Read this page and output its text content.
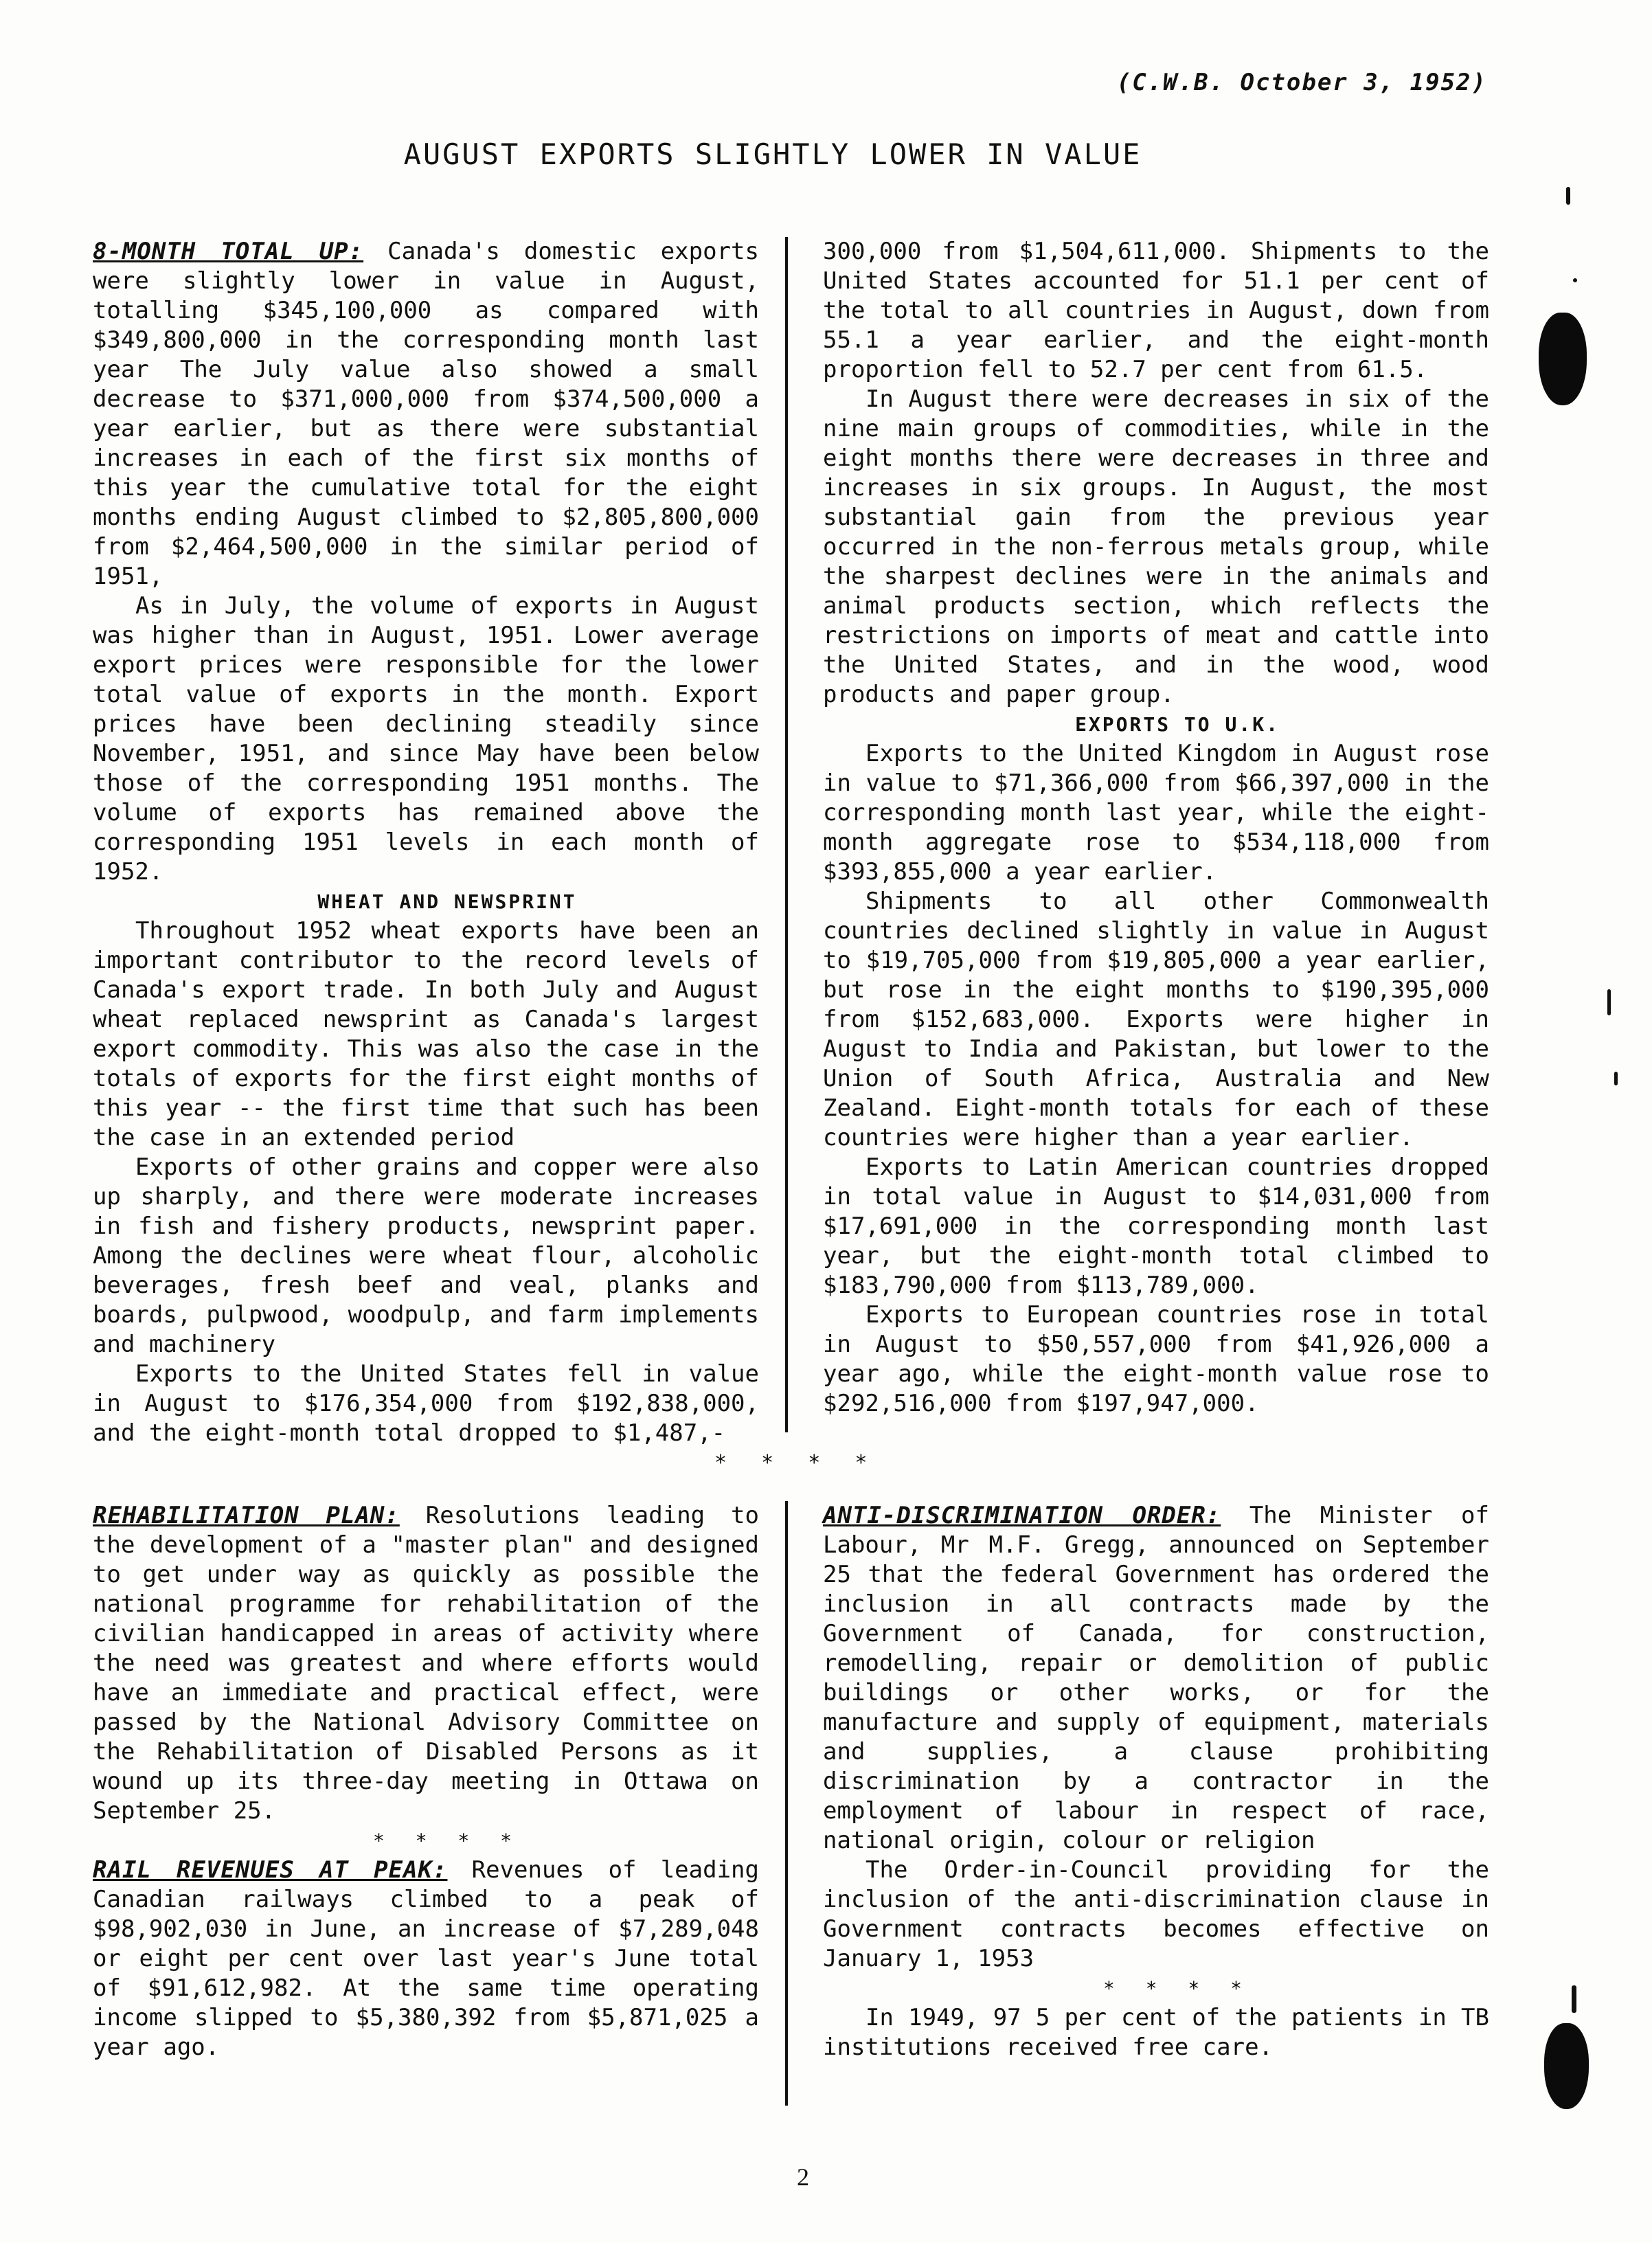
(C.W.B. October 3, 1952)
AUGUST EXPORTS SLIGHTLY LOWER IN VALUE

8-MONTH TOTAL UP: Canada's domestic exports were slightly lower in value in August, totalling $345,100,000 as compared with $349,800,000 in the corresponding month last year The July value also showed a small decrease to $371,000,000 from $374,500,000 a year earlier, but as there were substantial increases in each of the first six months of this year the cumulative total for the eight months ending August climbed to $2,805,800,000 from $2,464,500,000 in the similar period of 1951,

As in July, the volume of exports in August was higher than in August, 1951. Lower average export prices were responsible for the lower total value of exports in the month. Export prices have been declining steadily since November, 1951, and since May have been below those of the corresponding 1951 months. The volume of exports has remained above the corresponding 1951 levels in each month of 1952.

WHEAT AND NEWSPRINT

Throughout 1952 wheat exports have been an important contributor to the record levels of Canada's export trade. In both July and August wheat replaced newsprint as Canada's largest export commodity. This was also the case in the totals of exports for the first eight months of this year -- the first time that such has been the case in an extended period

Exports of other grains and copper were also up sharply, and there were moderate increases in fish and fishery products, newsprint paper. Among the declines were wheat flour, alcoholic beverages, fresh beef and veal, planks and boards, pulpwood, woodpulp, and farm implements and machinery

Exports to the United States fell in value in August to $176,354,000 from $192,838,000, and the eight-month total dropped to $1,487,-

300,000 from $1,504,611,000. Shipments to the United States accounted for 51.1 per cent of the total to all countries in August, down from 55.1 a year earlier, and the eight-month proportion fell to 52.7 per cent from 61.5.

In August there were decreases in six of the nine main groups of commodities, while in the eight months there were decreases in three and increases in six groups. In August, the most substantial gain from the previous year occurred in the non-ferrous metals group, while the sharpest declines were in the animals and animal products section, which reflects the restrictions on imports of meat and cattle into the United States, and in the wood, wood products and paper group.

EXPORTS TO U.K.

Exports to the United Kingdom in August rose in value to $71,366,000 from $66,397,000 in the corresponding month last year, while the eight-month aggregate rose to $534,118,000 from $393,855,000 a year earlier.

Shipments to all other Commonwealth countries declined slightly in value in August to $19,705,000 from $19,805,000 a year earlier, but rose in the eight months to $190,395,000 from $152,683,000. Exports were higher in August to India and Pakistan, but lower to the Union of South Africa, Australia and New Zealand. Eight-month totals for each of these countries were higher than a year earlier.

Exports to Latin American countries dropped in total value in August to $14,031,000 from $17,691,000 in the corresponding month last year, but the eight-month total climbed to $183,790,000 from $113,789,000.

Exports to European countries rose in total in August to $50,557,000 from $41,926,000 a year ago, while the eight-month value rose to $292,516,000 from $197,947,000.

* * * *

REHABILITATION PLAN: Resolutions leading to the development of a "master plan" and designed to get under way as quickly as possible the national programme for rehabilitation of the civilian handicapped in areas of activity where the need was greatest and where efforts would have an immediate and practical effect, were passed by the National Advisory Committee on the Rehabilitation of Disabled Persons as it wound up its three-day meeting in Ottawa on September 25.

* * * *

RAIL REVENUES AT PEAK: Revenues of leading Canadian railways climbed to a peak of $98,902,030 in June, an increase of $7,289,048 or eight per cent over last year's June total of $91,612,982. At the same time operating income slipped to $5,380,392 from $5,871,025 a year ago.

ANTI-DISCRIMINATION ORDER: The Minister of Labour, Mr M.F. Gregg, announced on September 25 that the federal Government has ordered the inclusion in all contracts made by the Government of Canada, for construction, remodelling, repair or demolition of public buildings or other works, or for the manufacture and supply of equipment, materials and supplies, a clause prohibiting discrimination by a contractor in the employment of labour in respect of race, national origin, colour or religion

The Order-in-Council providing for the inclusion of the anti-discrimination clause in Government contracts becomes effective on January 1, 1953

* * * *

In 1949, 97 5 per cent of the patients in TB institutions received free care.

2
